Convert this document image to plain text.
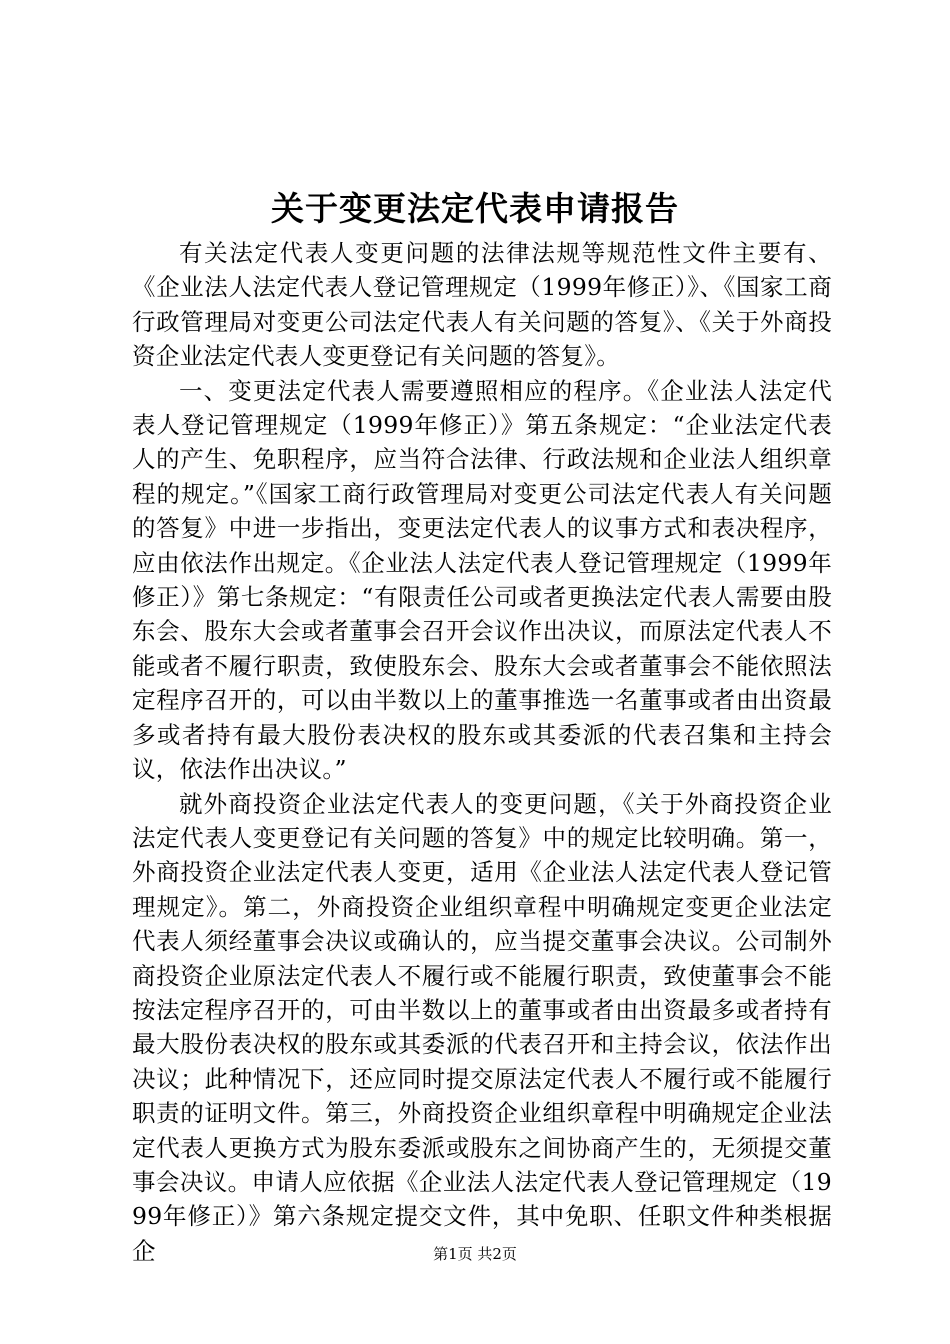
关于变更法定代表申请报告

有关法定代表人变更问题的法律法规等规范性文件主要有、《企业法人法定代表人登记管理规定（1999年修正）》、《国家工商行政管理局对变更公司法定代表人有关问题的答复》、《关于外商投资企业法定代表人变更登记有关问题的答复》。

一、变更法定代表人需要遵照相应的程序。《企业法人法定代表人登记管理规定（1999年修正）》第五条规定：“企业法定代表人的产生、免职程序，应当符合法律、行政法规和企业法人组织章程的规定。”《国家工商行政管理局对变更公司法定代表人有关问题的答复》中进一步指出，变更法定代表人的议事方式和表决程序，应由依法作出规定。《企业法人法定代表人登记管理规定（1999年修正）》第七条规定：“有限责任公司或者更换法定代表人需要由股东会、股东大会或者董事会召开会议作出决议，而原法定代表人不能或者不履行职责，致使股东会、股东大会或者董事会不能依照法定程序召开的，可以由半数以上的董事推选一名董事或者由出资最多或者持有最大股份表决权的股东或其委派的代表召集和主持会议，依法作出决议。”

就外商投资企业法定代表人的变更问题，《关于外商投资企业法定代表人变更登记有关问题的答复》中的规定比较明确。第一，外商投资企业法定代表人变更，适用《企业法人法定代表人登记管理规定》。第二，外商投资企业组织章程中明确规定变更企业法定代表人须经董事会决议或确认的，应当提交董事会决议。公司制外商投资企业原法定代表人不履行或不能履行职责，致使董事会不能按法定程序召开的，可由半数以上的董事或者由出资最多或者持有最大股份表决权的股东或其委派的代表召开和主持会议，依法作出决议；此种情况下，还应同时提交原法定代表人不履行或不能履行职责的证明文件。第三，外商投资企业组织章程中明确规定企业法定代表人更换方式为股东委派或股东之间协商产生的，无须提交董事会决议。申请人应依据《企业法人法定代表人登记管理规定（1999年修正）》第六条规定提交文件，其中免职、任职文件种类根据企	第1页 共2页
